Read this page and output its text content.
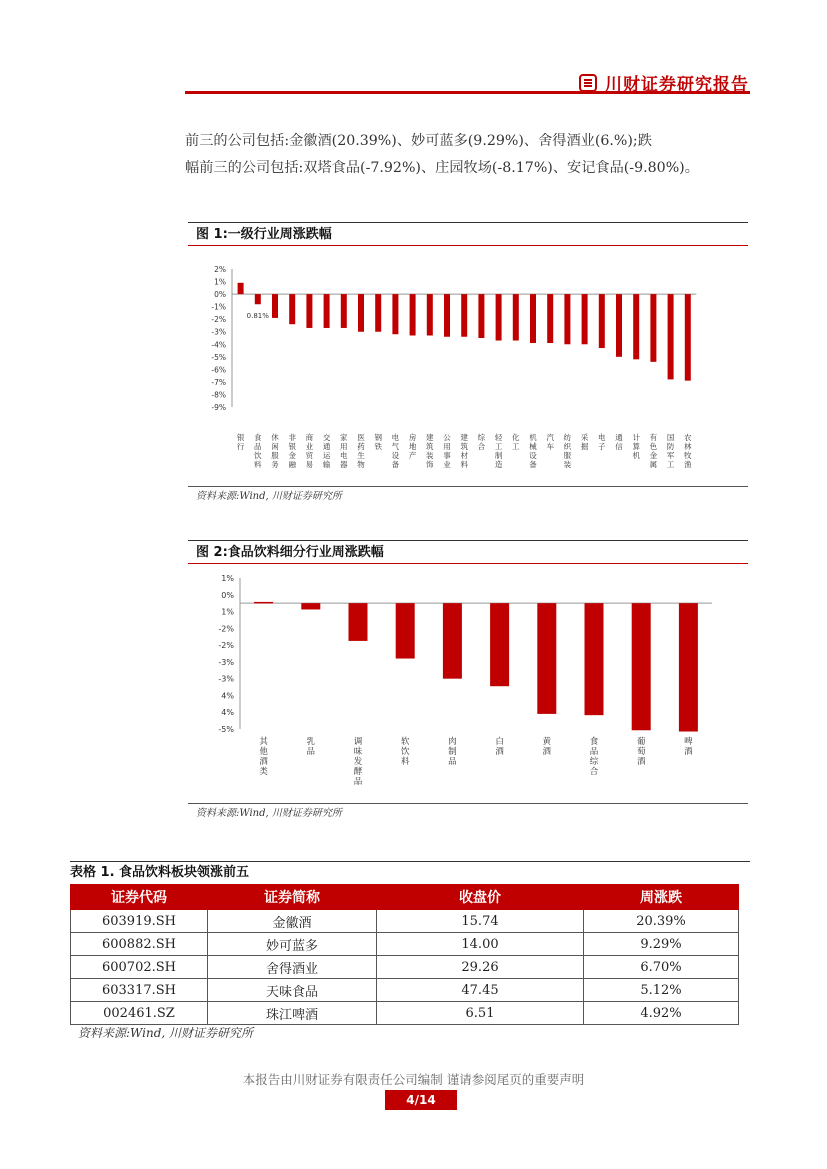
川财证券研究报告

前三的公司包括:金徽酒(20.39%)、妙可蓝多(9.29%)、舍得酒业(6.%);跌

幅前三的公司包括:双塔食品(-7.92%)、庄园牧场(-8.17%)、安记食品(-9.80%)。

图 1:一级行业周涨跌幅
2%
1%
0%
-1%
-2%
-3%
-4%
-5%
-6%
-7%
-8%
-9%
银行
食品饮料
休闲服务
非银金融
商业贸易
交通运输
家用电器
医药生物
钢铁
电气设备
房地产
建筑装饰
公用事业
建筑材料
综合
轻工制造
化工
机械设备
汽车
纺织服装
采掘
电子
通信
计算机
有色金属
国防军工
农林牧渔
0.81%
资料来源:Wind, 川财证券研究所
图 2:食品饮料细分行业周涨跌幅
1%
0%
1%
-2%
-2%
-3%
-3%
4%
4%
-5%
其他酒类
乳品
调味发酵品
软饮料
肉制品
白酒
黄酒
食品综合
葡萄酒
啤酒
资料来源:Wind, 川财证券研究所
表格 1. 食品饮料板块领涨前五
证券代码	证券简称	收盘价	周涨跌
603919.SH	金徽酒	15.74	20.39%
600882.SH	妙可蓝多	14.00	9.29%
600702.SH	舍得酒业	29.26	6.70%
603317.SH	天味食品	47.45	5.12%
002461.SZ	珠江啤酒	6.51	4.92%
资料来源:Wind, 川财证券研究所
本报告由川财证券有限责任公司编制 谨请参阅尾页的重要声明
4/14
